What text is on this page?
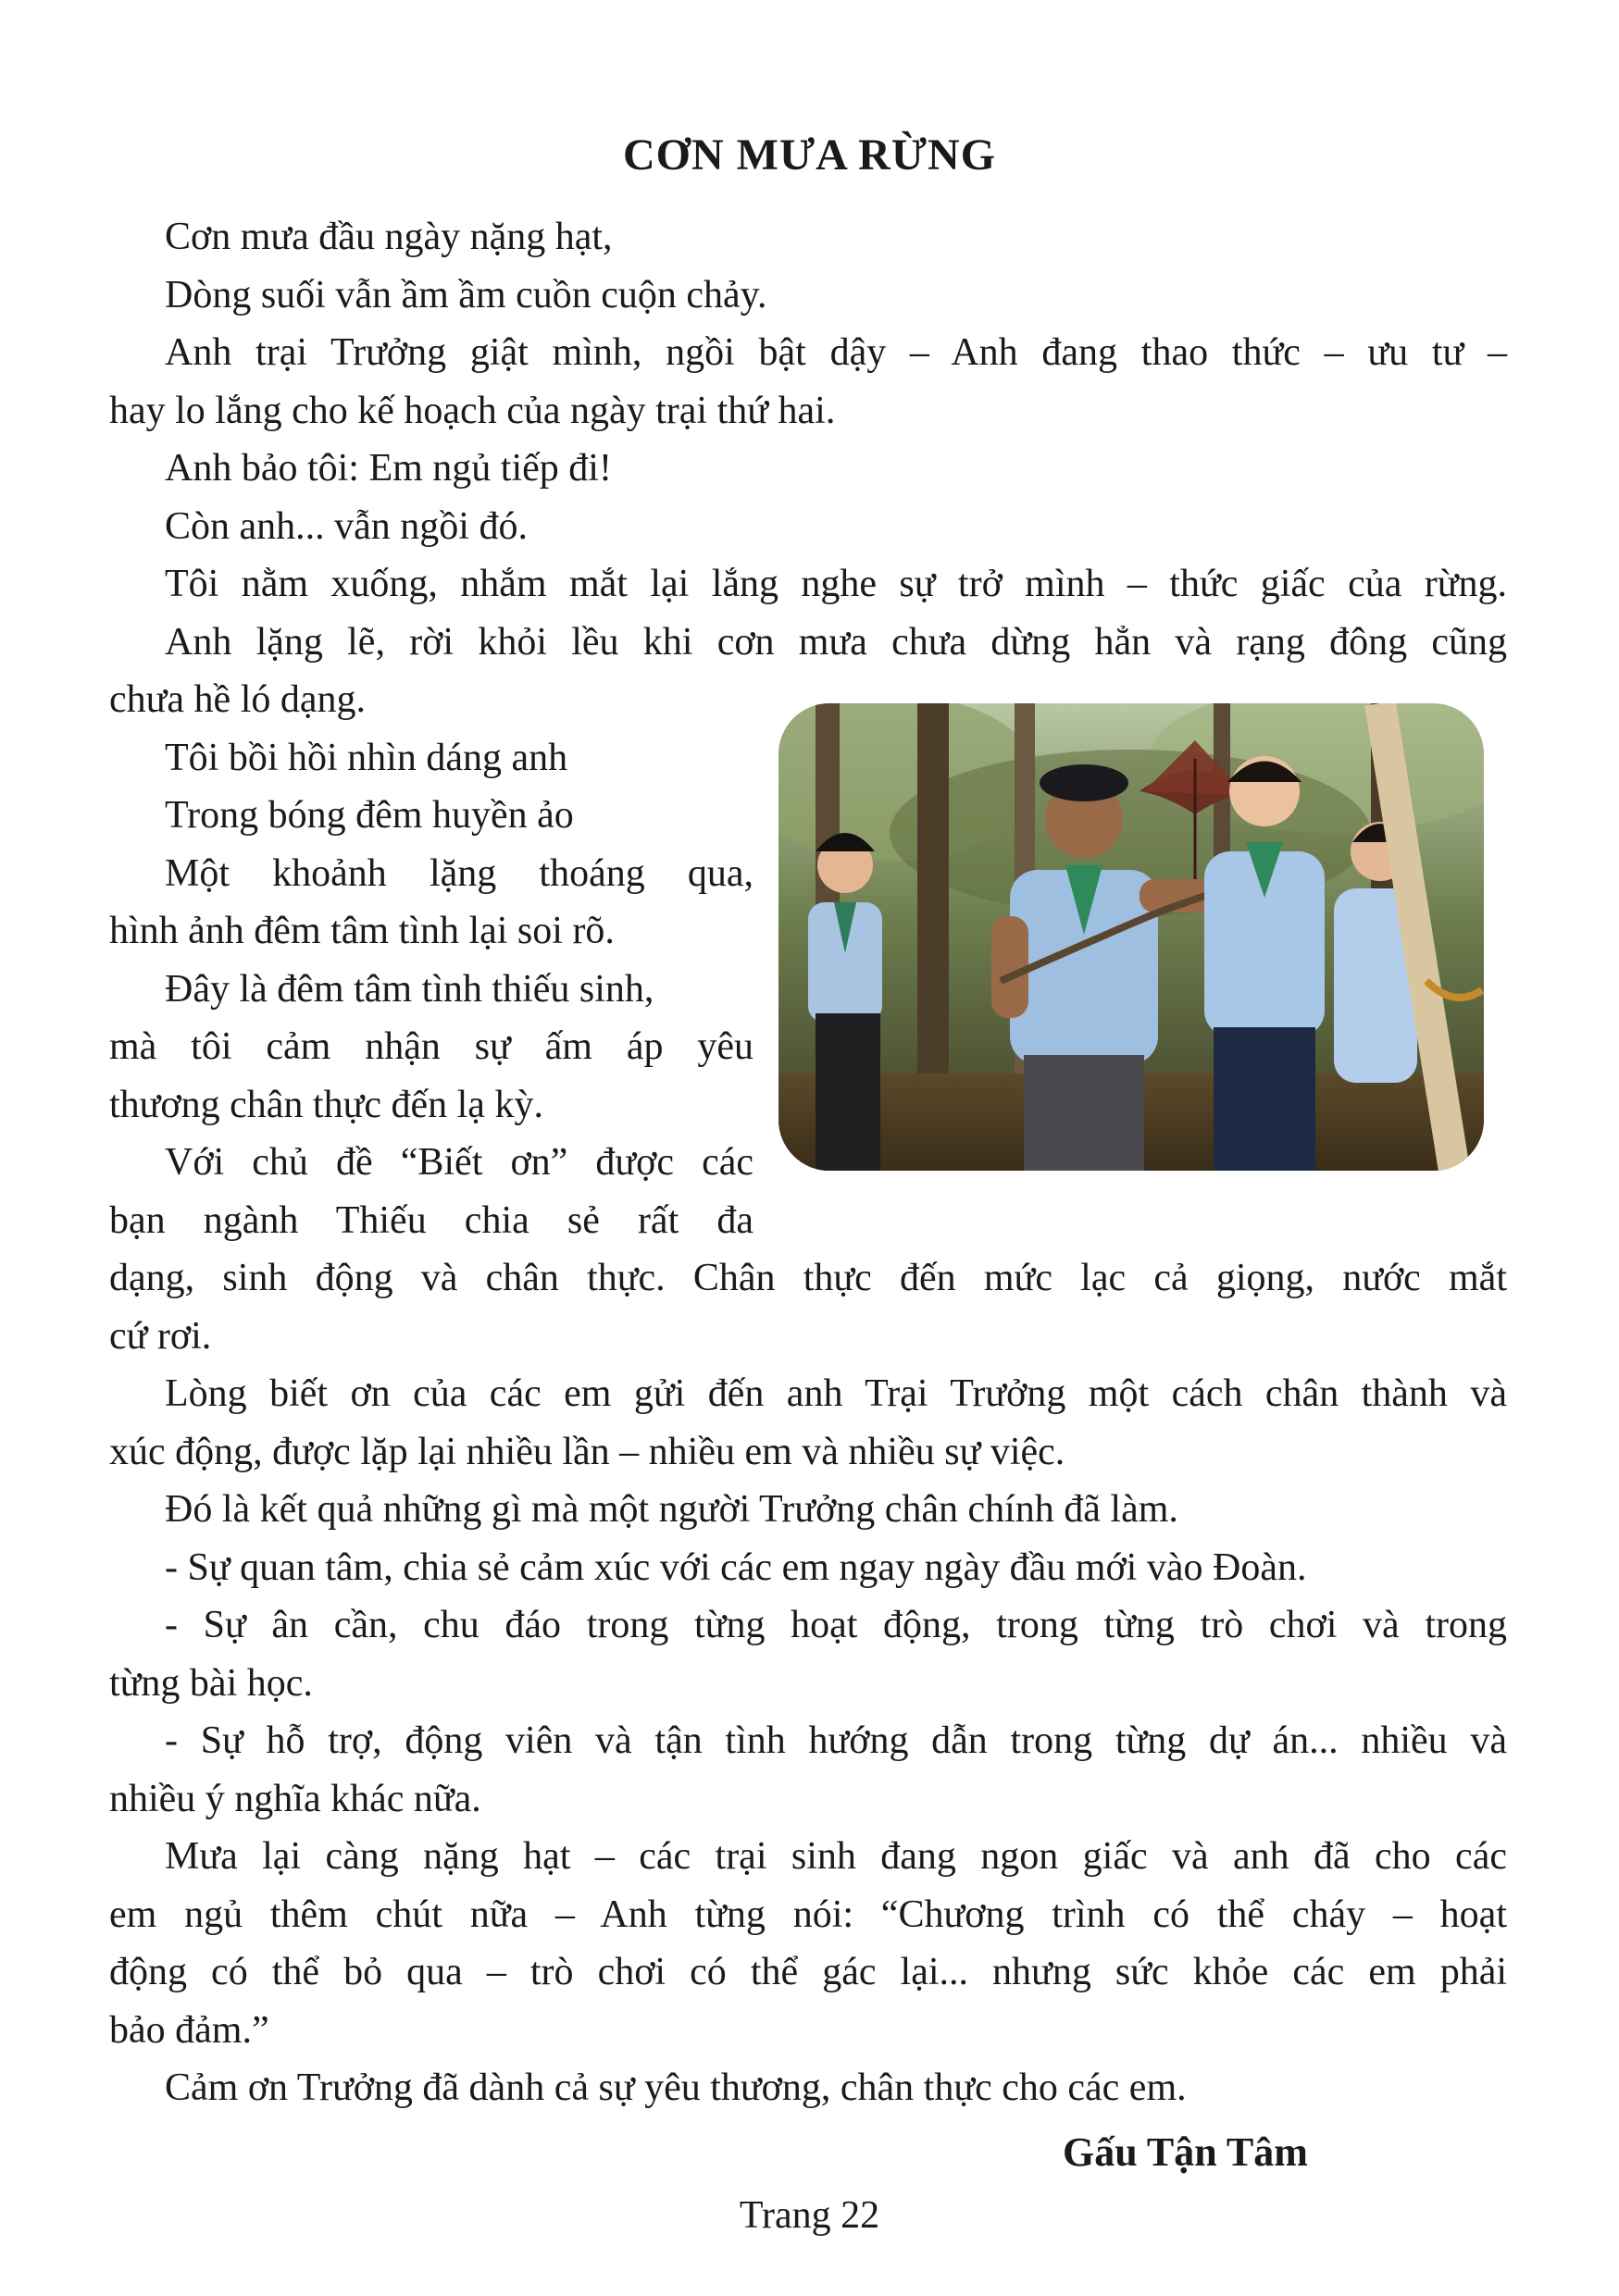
CƠN MƯA RỪNG
Cơn mưa đầu ngày nặng hạt,
Dòng suối vẫn ầm ầm cuồn cuộn chảy.
Anh trại Trưởng giật mình, ngồi bật dậy – Anh đang thao thức – ưu tư –
hay lo lắng cho kế hoạch của ngày trại thứ hai.
Anh bảo tôi: Em ngủ tiếp đi!
Còn anh... vẫn ngồi đó.
Tôi nằm xuống, nhắm mắt lại lắng nghe sự trở mình – thức giấc của rừng.
Anh lặng lẽ, rời khỏi lều khi cơn mưa chưa dừng hẳn và rạng đông cũng
chưa hề ló dạng.
Tôi bồi hồi nhìn dáng anh
Trong bóng đêm huyền ảo
Một khoảnh lặng thoáng qua,
hình ảnh đêm tâm tình lại soi rõ.
Đây là đêm tâm tình thiếu sinh,
mà tôi cảm nhận sự ấm áp yêu
thương chân thực đến lạ kỳ.
Với chủ đề “Biết ơn” được các
bạn ngành Thiếu chia sẻ rất đa
dạng, sinh động và chân thực. Chân thực đến mức lạc cả giọng, nước mắt
cứ rơi.
Lòng biết ơn của các em gửi đến anh Trại Trưởng một cách chân thành và
xúc động, được lặp lại nhiều lần – nhiều em và nhiều sự việc.
Đó là kết quả những gì mà một người Trưởng chân chính đã làm.
- Sự quan tâm, chia sẻ cảm xúc với các em ngay ngày đầu mới vào Đoàn.
- Sự ân cần, chu đáo trong từng hoạt động, trong từng trò chơi và trong
từng bài học.
- Sự hỗ trợ, động viên và tận tình hướng dẫn trong từng dự án... nhiều và
nhiều ý nghĩa khác nữa.
Mưa lại càng nặng hạt – các trại sinh đang ngon giấc và anh đã cho các
em ngủ thêm chút nữa – Anh từng nói: “Chương trình có thể cháy – hoạt
động có thể bỏ qua – trò chơi có thể gác lại... nhưng sức khỏe các em phải
bảo đảm.”
Cảm ơn Trưởng đã dành cả sự yêu thương, chân thực cho các em.
Gấu Tận Tâm
Trang 22
